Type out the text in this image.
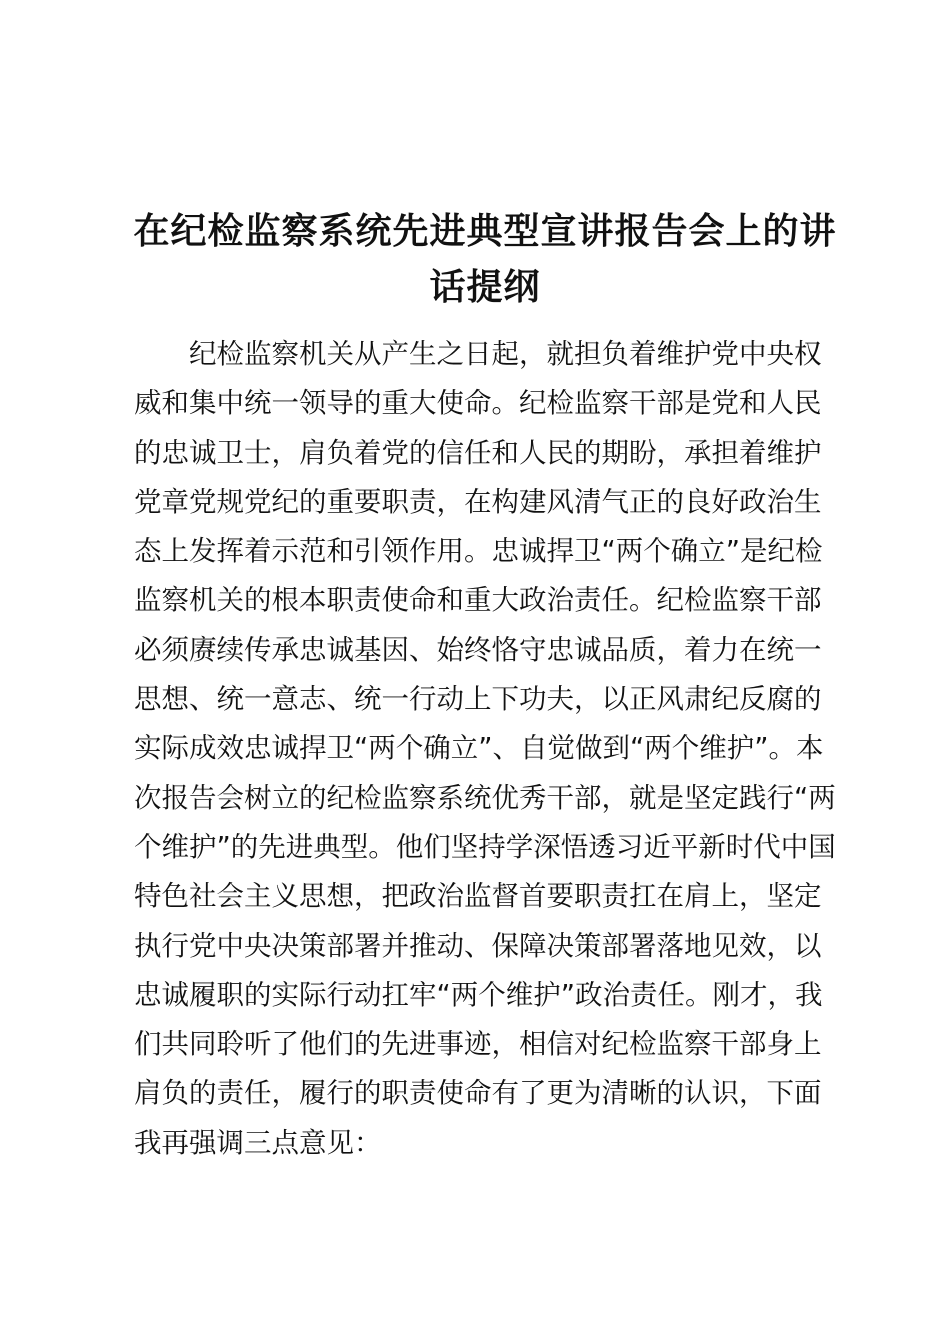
在纪检监察系统先进典型宣讲报告会上的讲
话提纲
　　纪检监察机关从产生之日起，就担负着维护党中央权
威和集中统一领导的重大使命。纪检监察干部是党和人民
的忠诚卫士，肩负着党的信任和人民的期盼，承担着维护
党章党规党纪的重要职责，在构建风清气正的良好政治生
态上发挥着示范和引领作用。忠诚捍卫“两个确立”是纪检
监察机关的根本职责使命和重大政治责任。纪检监察干部
必须赓续传承忠诚基因、始终恪守忠诚品质，着力在统一
思想、统一意志、统一行动上下功夫，以正风肃纪反腐的
实际成效忠诚捍卫“两个确立”、自觉做到“两个维护”。本
次报告会树立的纪检监察系统优秀干部，就是坚定践行“两
个维护”的先进典型。他们坚持学深悟透习近平新时代中国
特色社会主义思想，把政治监督首要职责扛在肩上，坚定
执行党中央决策部署并推动、保障决策部署落地见效，以
忠诚履职的实际行动扛牢“两个维护”政治责任。刚才，我
们共同聆听了他们的先进事迹，相信对纪检监察干部身上
肩负的责任，履行的职责使命有了更为清晰的认识，下面
我再强调三点意见：
